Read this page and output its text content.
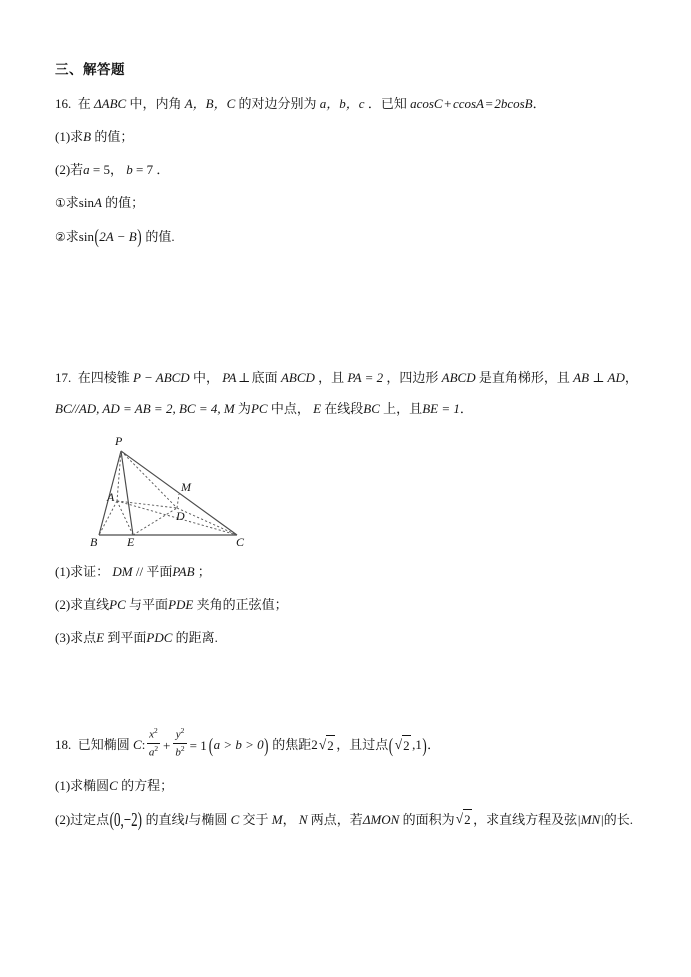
三、解答题

16. 在 ΔABC 中，内角 A，B，C 的对边分别为 a，b，c ．已知 acosC + ccosA = 2bcosB．

(1)求B 的值；

(2)若a = 5， b = 7 ．

①求sinA 的值；

②求sin(2A − B) 的值.

17. 在四棱锥 P − ABCD 中， PA ⊥ 底面 ABCD ，且 PA = 2 ，四边形 ABCD 是直角梯形，且 AB ⊥ AD，

BC//AD, AD = AB = 2, BC = 4, M 为PC 中点， E 在线段BC 上，且BE = 1．

P
A
B E	C
D
M

(1)求证： DM // 平面PAB ；

(2)求直线PC 与平面PDE 夹角的正弦值；

(3)求点E 到平面PDC 的距离.

18. 已知椭圆 C: $\frac{x^2}{a^2} + \frac{y^2}{b^2} = 1$ (a > b > 0) 的焦距2 √ 2 ，且过点( √ 2 ,1)．

(1)求椭圆C 的方程；

(2)过定点(0,−2) 的直线l与椭圆 C 交于 M， N 两点，若ΔMON 的面积为 √ 2 ，求直线方程及弦|MN|的长.
